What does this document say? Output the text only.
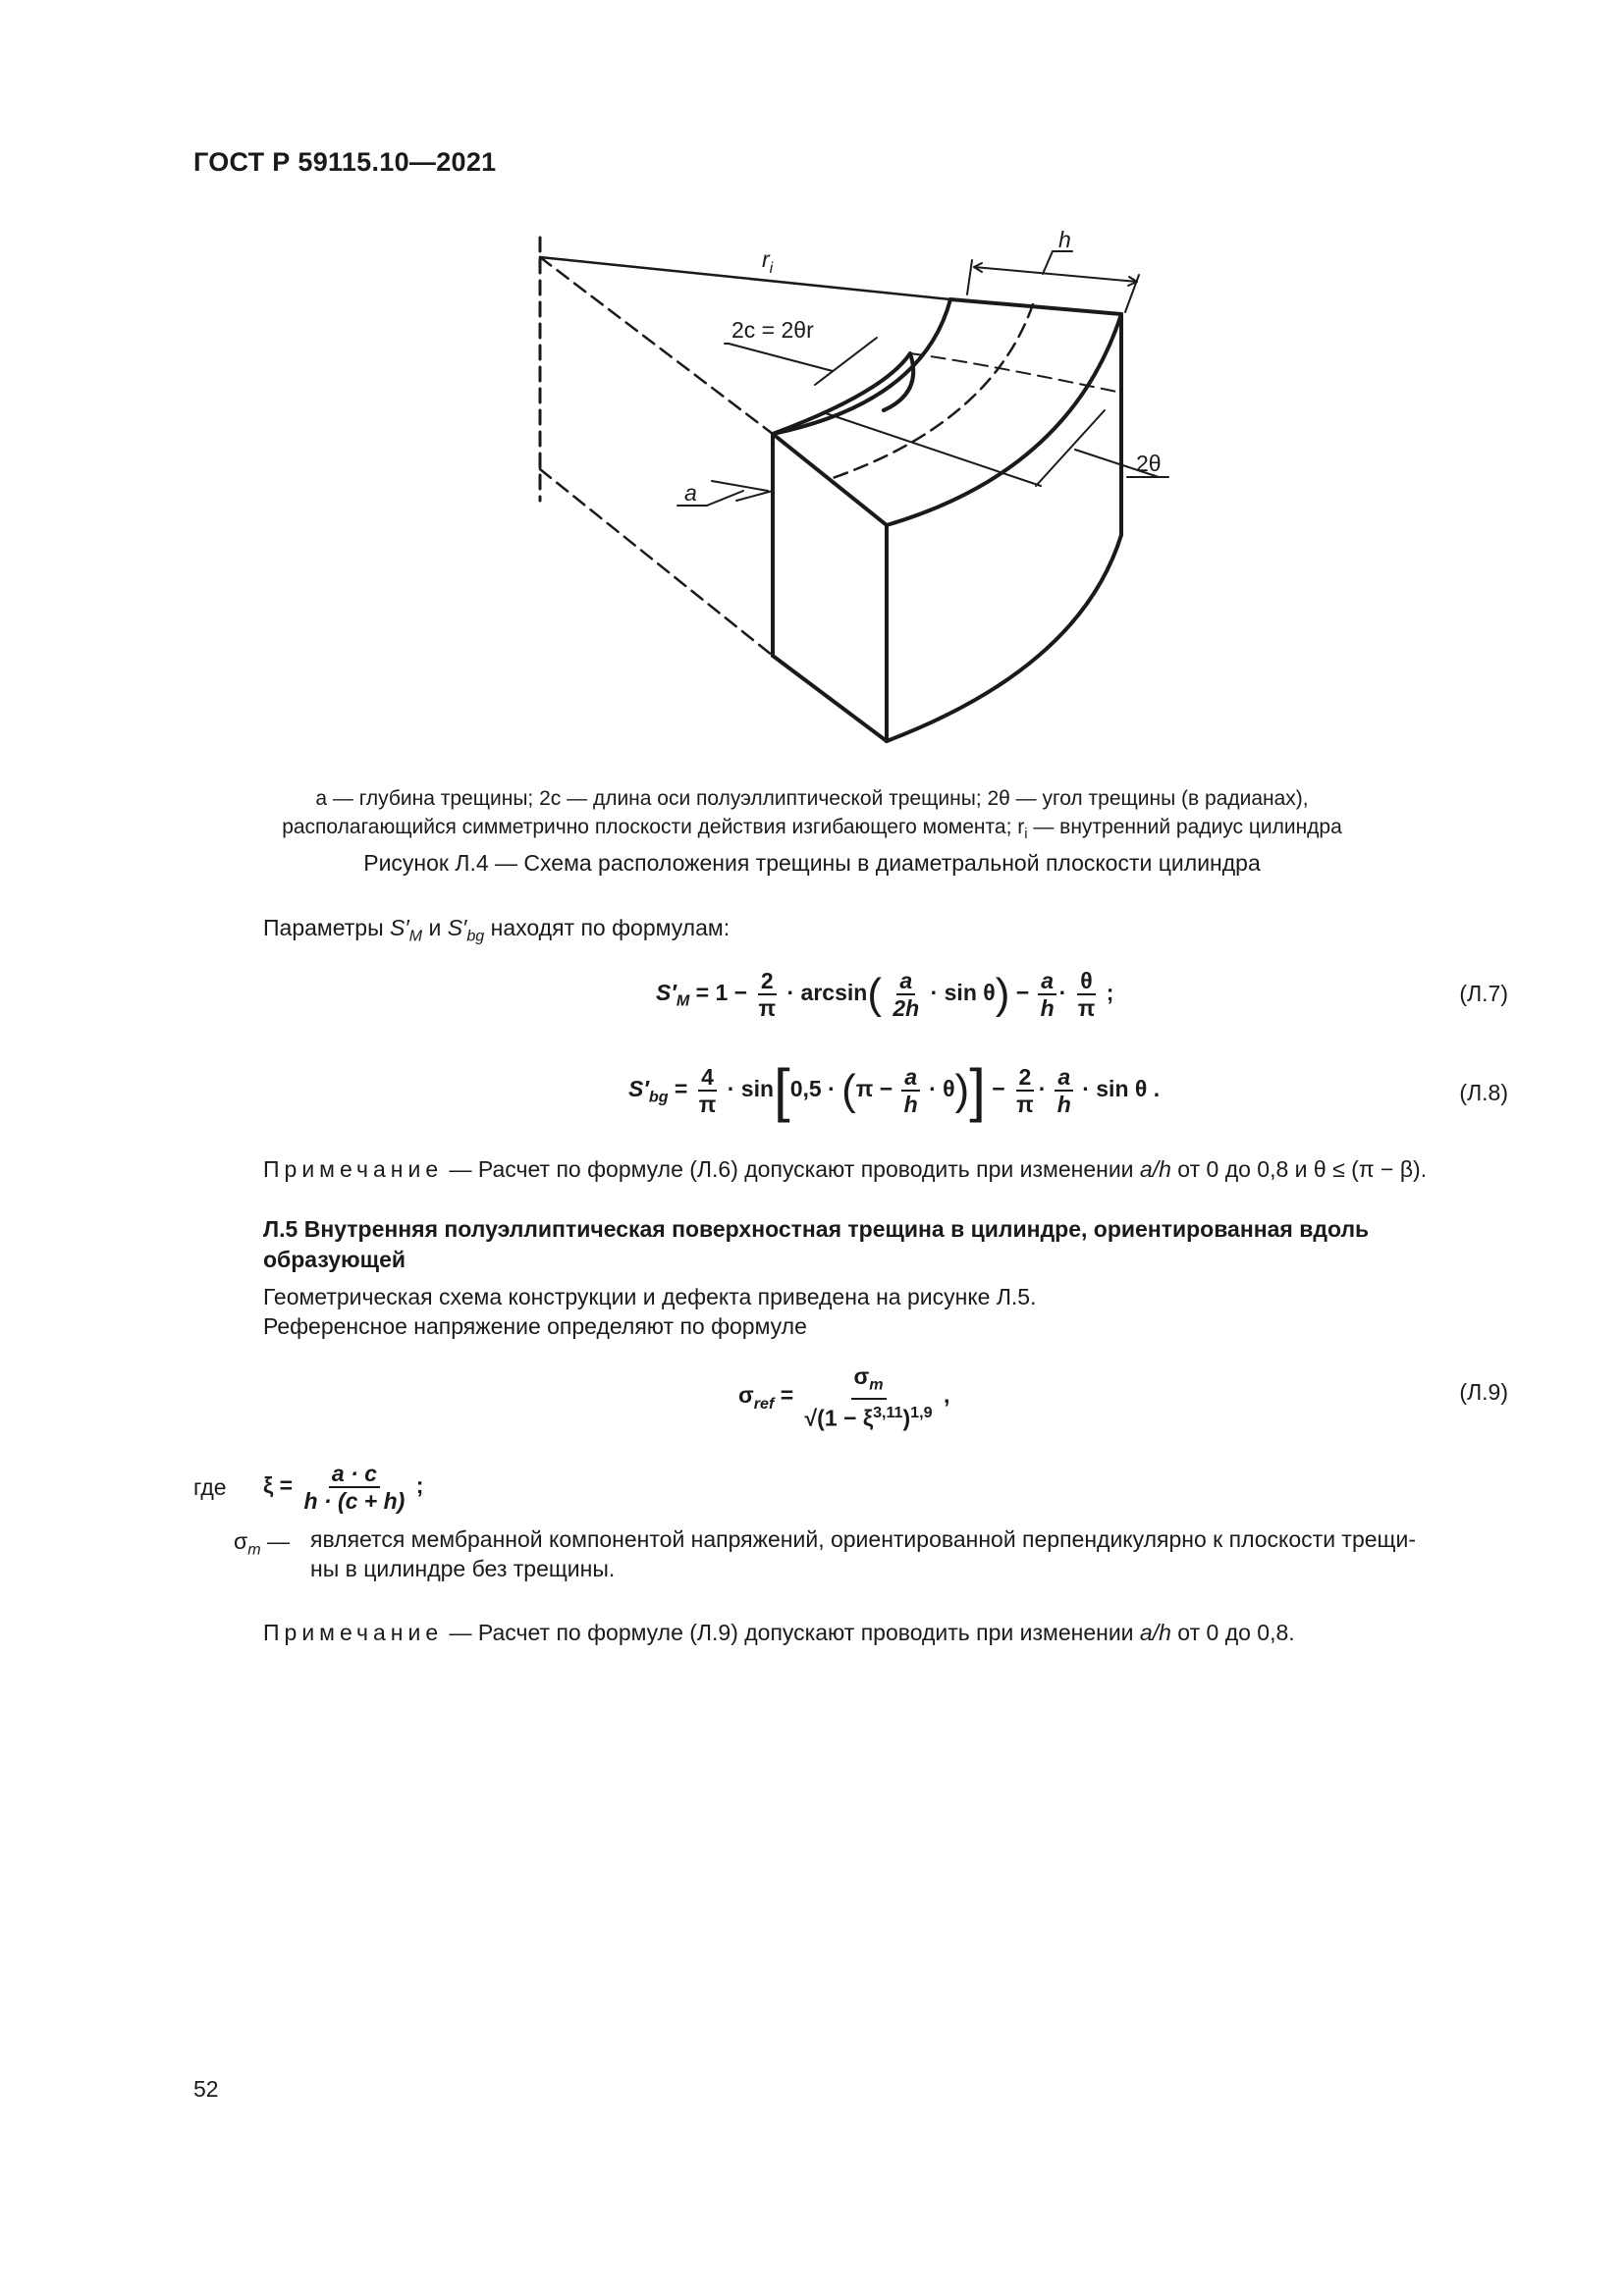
ГОСТ Р 59115.10—2021
$r_i$
h
2c = 2θr
2θ
a
a — глубина трещины; 2c — длина оси полуэллиптической трещины; 2θ — угол трещины (в радианах),
располагающийся симметрично плоскости действия изгибающего момента; $r_i$ — внутренний радиус цилиндра
Рисунок Л.4 — Схема расположения трещины в диаметральной плоскости цилиндра
Параметры $S'_M$ и $S'_{bg}$ находят по формулам:
$S'_M = 1 - \frac{2}{\pi} \cdot \arcsin( \frac{a}{2h} \cdot \sin \theta) - \frac{a}{h} \cdot \frac{\theta}{\pi}$ ;	(Л.7)
$S'_{bg} = \frac{4}{\pi} \cdot \sin[0,5 \cdot (\pi - \frac{a}{h} \cdot \theta)] - \frac{2}{\pi} \cdot \frac{a}{h} \cdot \sin \theta$ .	(Л.8)
Примечание — Расчет по формуле (Л.6) допускают проводить при изменении a/h от 0 до 0,8 и θ ≤ (π − β).
Л.5 Внутренняя полуэллиптическая поверхностная трещина в цилиндре, ориентированная вдоль образующей
Геометрическая схема конструкции и дефекта приведена на рисунке Л.5.
Референсное напряжение определяют по формуле
$\sigma_{ref} = \frac{\sigma_m}{√(1 - \xi^{3,11})^{1,9}}$ ,	(Л.9)
где $\xi = \frac{a \cdot c}{h \cdot (c + h)}$ ;
$\sigma_m$ — является мембранной компонентой напряжений, ориентированной перпендикулярно к плоскости трещи-
ны в цилиндре без трещины.
Примечание — Расчет по формуле (Л.9) допускают проводить при изменении a/h от 0 до 0,8.
52
